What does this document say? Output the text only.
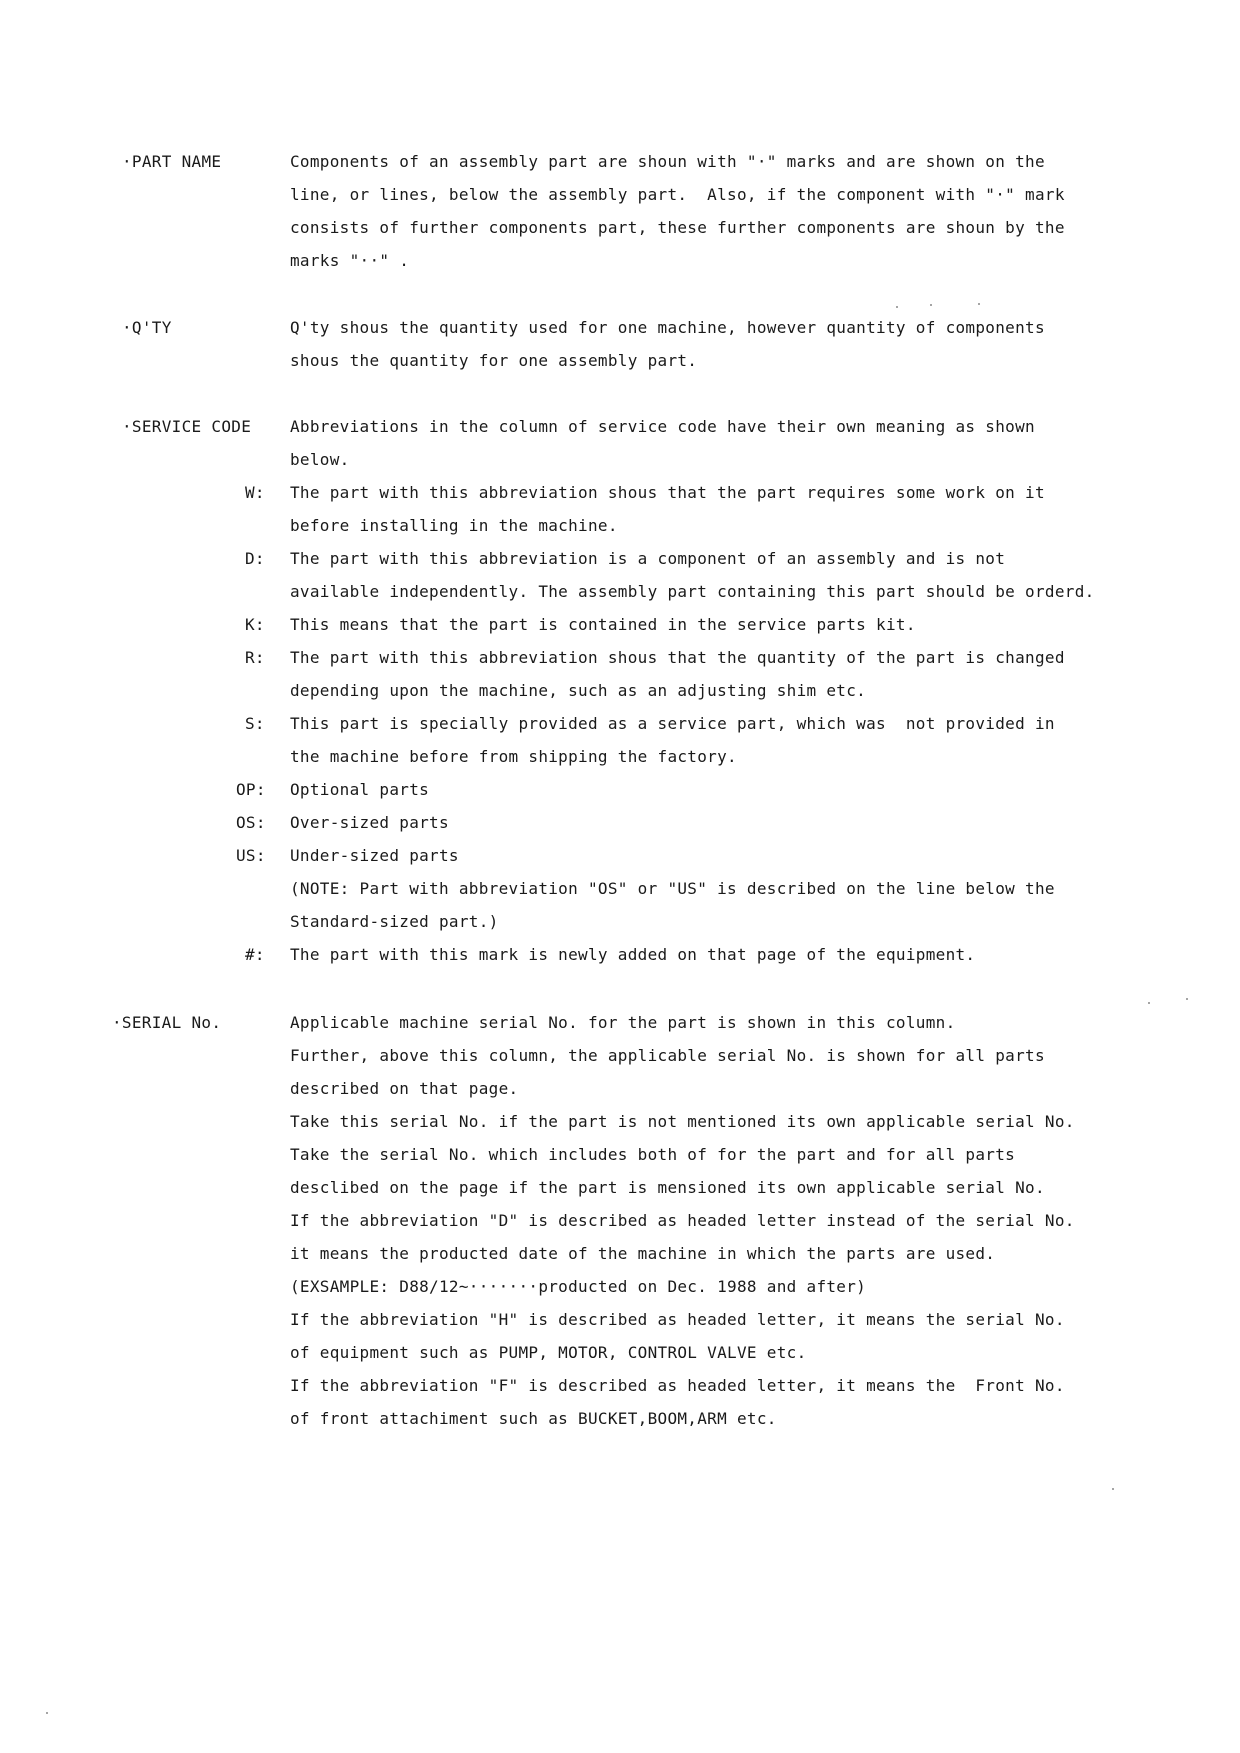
·PART NAME	Components of an assembly part are shoun with "·" marks and are shown on the
line, or lines, below the assembly part.  Also, if the component with "·" mark
consists of further components part, these further components are shoun by the
marks "··" .
·Q'TY	Q'ty shous the quantity used for one machine, however quantity of components
shous the quantity for one assembly part.
·SERVICE CODE Abbreviations in the column of service code have their own meaning as shown
below.
W: The part with this abbreviation shous that the part requires some work on it
before installing in the machine.
D: The part with this abbreviation is a component of an assembly and is not
available independently. The assembly part containing this part should be orderd.
K: This means that the part is contained in the service parts kit.
R: The part with this abbreviation shous that the quantity of the part is changed
depending upon the machine, such as an adjusting shim etc.
S: This part is specially provided as a service part, which was  not provided in
the machine before from shipping the factory.
OP: Optional parts
OS: Over-sized parts
US: Under-sized parts
(NOTE: Part with abbreviation "OS" or "US" is described on the line below the
Standard-sized part.)
#: The part with this mark is newly added on that page of the equipment.
·SERIAL No.	Applicable machine serial No. for the part is shown in this column.
Further, above this column, the applicable serial No. is shown for all parts
described on that page.
Take this serial No. if the part is not mentioned its own applicable serial No.
Take the serial No. which includes both of for the part and for all parts
desclibed on the page if the part is mensioned its own applicable serial No.
If the abbreviation "D" is described as headed letter instead of the serial No.
it means the producted date of the machine in which the parts are used.
(EXSAMPLE: D88/12~·······producted on Dec. 1988 and after)
If the abbreviation "H" is described as headed letter, it means the serial No.
of equipment such as PUMP, MOTOR, CONTROL VALVE etc.
If the abbreviation "F" is described as headed letter, it means the  Front No.
of front attachiment such as BUCKET,BOOM,ARM etc.
